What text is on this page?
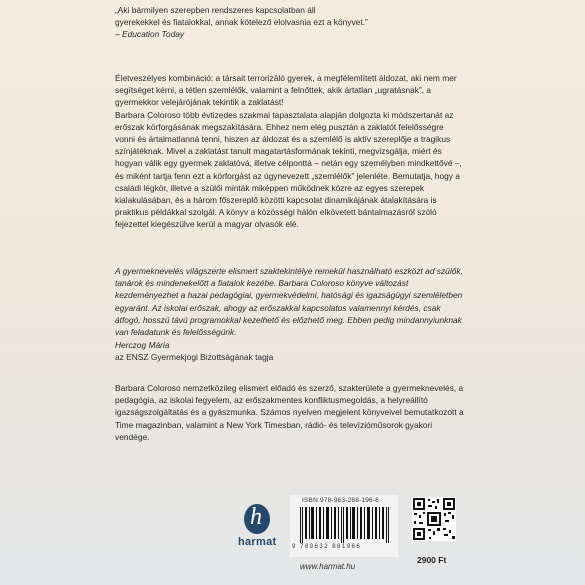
„Aki bármilyen szerepben rendszeres kapcsolatban áll
gyerekekkel és fiatalokkal, annak kötelező elolvasnia ezt a könyvet.”
– Education Today

Életveszélyes kombináció: a társait terrorizáló gyerek, a megfélemlített áldozat, aki nem mer segítséget kérni, a tétlen szemlélők, valamint a felnőttek, akik ártatlan „ugratásnak”, a gyermekkor velejárójának tekintik a zaklatást!

Barbara Coloroso több évtizedes szakmai tapasztalata alapján dolgozta ki módszertanát az erőszak körforgásának megszakítására. Ehhez nem elég pusztán a zaklatót felelősségre vonni és ártalmatlanná tenni, hiszen az áldozat és a szemlélő is aktív szereplője a tragikus színjátéknak. Mivel a zaklatást tanult magatartásformának tekinti, megvizsgálja, miért és hogyan válik egy gyermek zaklatóvá, illetve célponttá – netán egy személyben mindkettővé –, és miként tartja fenn ezt a körforgást az úgynevezett „szemlélők” jelenléte. Bemutatja, hogy a családi légkör, illetve a szülői minták miképpen működnek közre az egyes szerepek kialakulásában, és a három főszereplő közötti kapcsolat dinamikájának átalakítására is praktikus példákkal szolgál. A könyv a közösségi hálón elkövetett bántalmazásról szóló fejezettel kiegészülve kerül a magyar olvasók elé.

A gyermeknevelés világszerte elismert szaktekintélye remekül használható eszközt ad szülők, tanárok és mindenekelőtt a fiatalok kezébe. Barbara Coloroso könyve változást kezdeményezhet a hazai pedagógiai, gyermekvédelmi, hatósági és igazságügyi szemléletben egyaránt. Az iskolai erőszak, ahogy az erőszakkal kapcsolatos valamennyi kérdés, csak átfogó, hosszú távú programokkal kezelhető és előzhető meg. Ebben pedig mindannyiunknak van feladatunk és felelősségünk.

Herczog Mária

az ENSZ Gyermekjogi Bizottságának tagja

Barbara Coloroso nemzetközileg elismert előadó és szerző, szakterülete a gyermeknevelés, a pedagógia, az iskolai fegyelem, az erőszakmentes konfliktusmegoldás, a helyreállító igazságszolgáltatás és a gyászmunka. Számos nyelven megjelent könyveivel bemutatkozott a Time magazinban, valamint a New York Timesban, rádió- és televízióműsorok gyakori vendége.

h
harmat
ISBN 978-963-288-196-6
9 789632 881966
www.harmat.hu
2900 Ft
